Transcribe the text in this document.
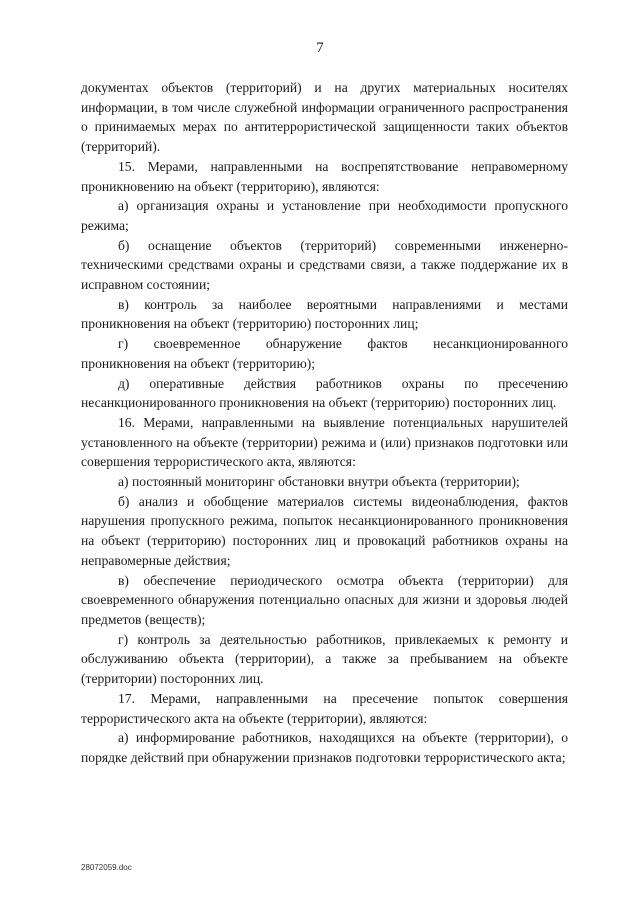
7

документах объектов (территорий) и на других материальных носителях информации, в том числе служебной информации ограниченного распространения о принимаемых мерах по антитеррористической защищенности таких объектов (территорий).

15. Мерами, направленными на воспрепятствование неправомерному проникновению на объект (территорию), являются:

а) организация охраны и установление при необходимости пропускного режима;

б) оснащение объектов (территорий) современными инженерно-техническими средствами охраны и средствами связи, а также поддержание их в исправном состоянии;

в) контроль за наиболее вероятными направлениями и местами проникновения на объект (территорию) посторонних лиц;

г) своевременное обнаружение фактов несанкционированного проникновения на объект (территорию);

д) оперативные действия работников охраны по пресечению несанкционированного проникновения на объект (территорию) посторонних лиц.

16. Мерами, направленными на выявление потенциальных нарушителей установленного на объекте (территории) режима и (или) признаков подготовки или совершения террористического акта, являются:

а) постоянный мониторинг обстановки внутри объекта (территории);

б) анализ и обобщение материалов системы видеонаблюдения, фактов нарушения пропускного режима, попыток несанкционированного проникновения на объект (территорию) посторонних лиц и провокаций работников охраны на неправомерные действия;

в) обеспечение периодического осмотра объекта (территории) для своевременного обнаружения потенциально опасных для жизни и здоровья людей предметов (веществ);

г) контроль за деятельностью работников, привлекаемых к ремонту и обслуживанию объекта (территории), а также за пребыванием на объекте (территории) посторонних лиц.

17. Мерами, направленными на пресечение попыток совершения террористического акта на объекте (территории), являются:

а) информирование работников, находящихся на объекте (территории), о порядке действий при обнаружении признаков подготовки террористического акта;

28072059.doc
